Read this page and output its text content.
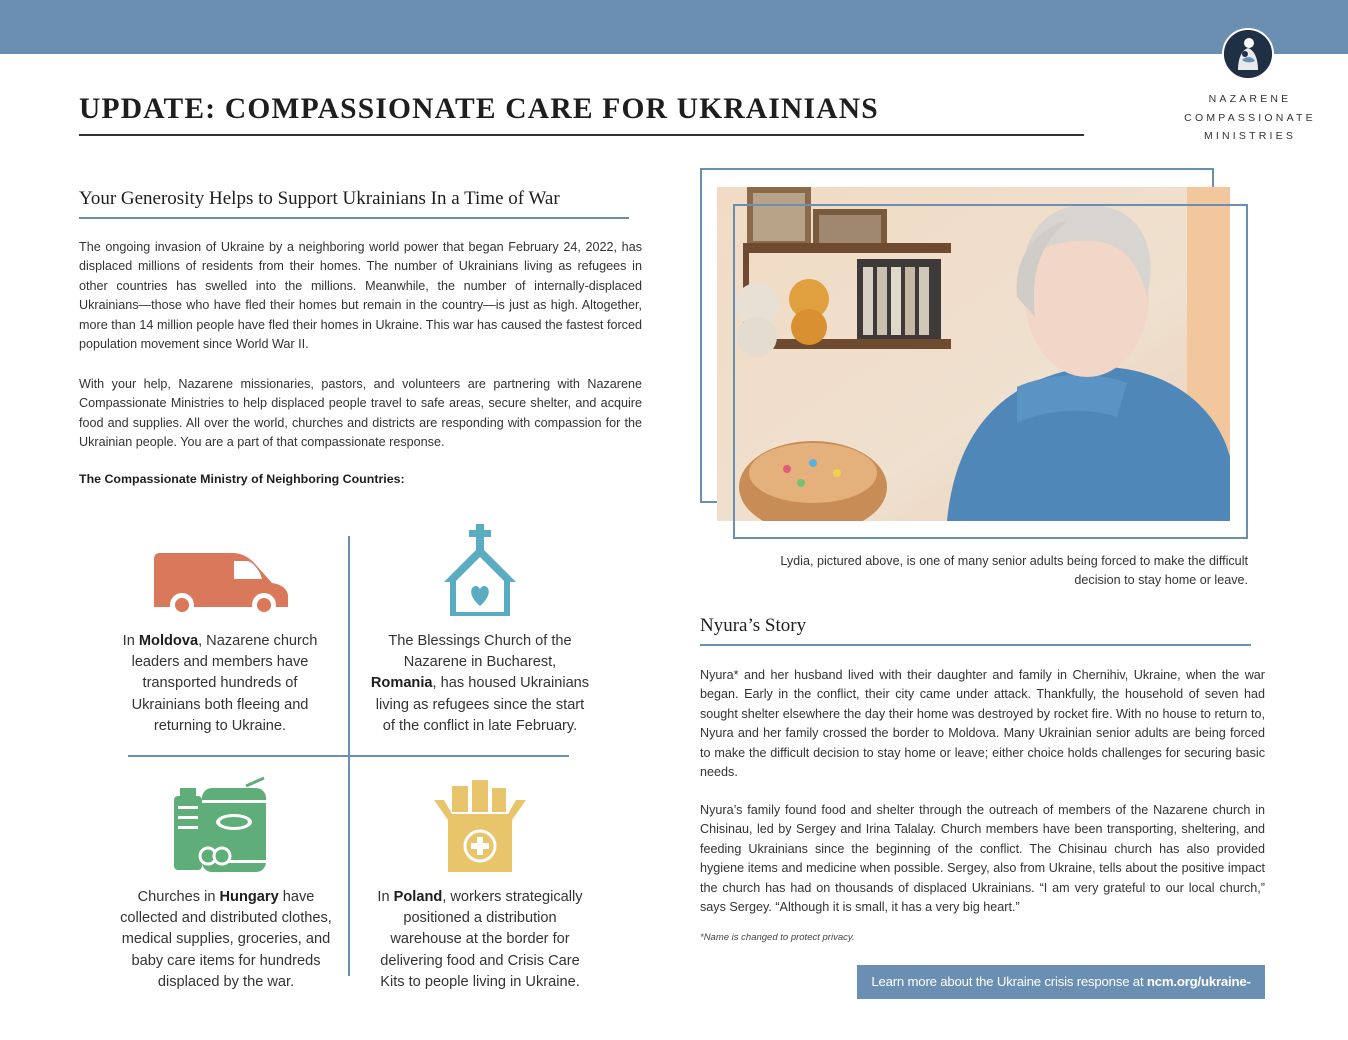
NAZARENE
COMPASSIONATE
MINISTRIES
UPDATE: COMPASSIONATE CARE FOR UKRAINIANS
Your Generosity Helps to Support Ukrainians In a Time of War

The ongoing invasion of Ukraine by a neighboring world power that began February 24, 2022, has displaced millions of residents from their homes. The number of Ukrainians living as refugees in other countries has swelled into the millions. Meanwhile, the number of internally-displaced Ukrainians—those who have fled their homes but remain in the country—is just as high. Altogether, more than 14 million people have fled their homes in Ukraine. This war has caused the fastest forced population movement since World War II.

With your help, Nazarene missionaries, pastors, and volunteers are partnering with Nazarene Compassionate Ministries to help displaced people travel to safe areas, secure shelter, and acquire food and supplies. All over the world, churches and districts are responding with compassion for the Ukrainian people. You are a part of that compassionate response.

The Compassionate Ministry of Neighboring Countries:

In Moldova, Nazarene church leaders and members have transported hundreds of Ukrainians both fleeing and returning to Ukraine.

The Blessings Church of the Nazarene in Bucharest, Romania, has housed Ukrainians living as refugees since the start of the conflict in late February.

Churches in Hungary have collected and distributed clothes, medical supplies, groceries, and baby care items for hundreds displaced by the war.

In Poland, workers strategically positioned a distribution warehouse at the border for delivering food and Crisis Care Kits to people living in Ukraine.

Lydia, pictured above, is one of many senior adults being forced to make the difficult decision to stay home or leave.

Nyura’s Story

Nyura* and her husband lived with their daughter and family in Chernihiv, Ukraine, when the war began. Early in the conflict, their city came under attack. Thankfully, the household of seven had sought shelter elsewhere the day their home was destroyed by rocket fire. With no house to return to, Nyura and her family crossed the border to Moldova. Many Ukrainian senior adults are being forced to make the difficult decision to stay home or leave; either choice holds challenges for securing basic needs.

Nyura’s family found food and shelter through the outreach of members of the Nazarene church in Chisinau, led by Sergey and Irina Talalay. Church members have been transporting, sheltering, and feeding Ukrainians since the beginning of the conflict. The Chisinau church has also provided hygiene items and medicine when possible. Sergey, also from Ukraine, tells about the positive impact the church has had on thousands of displaced Ukrainians. “I am very grateful to our local church,” says Sergey. “Although it is small, it has a very big heart.”

*Name is changed to protect privacy.

Learn more about the Ukraine crisis response at ncm.org/ukraine-crisis
